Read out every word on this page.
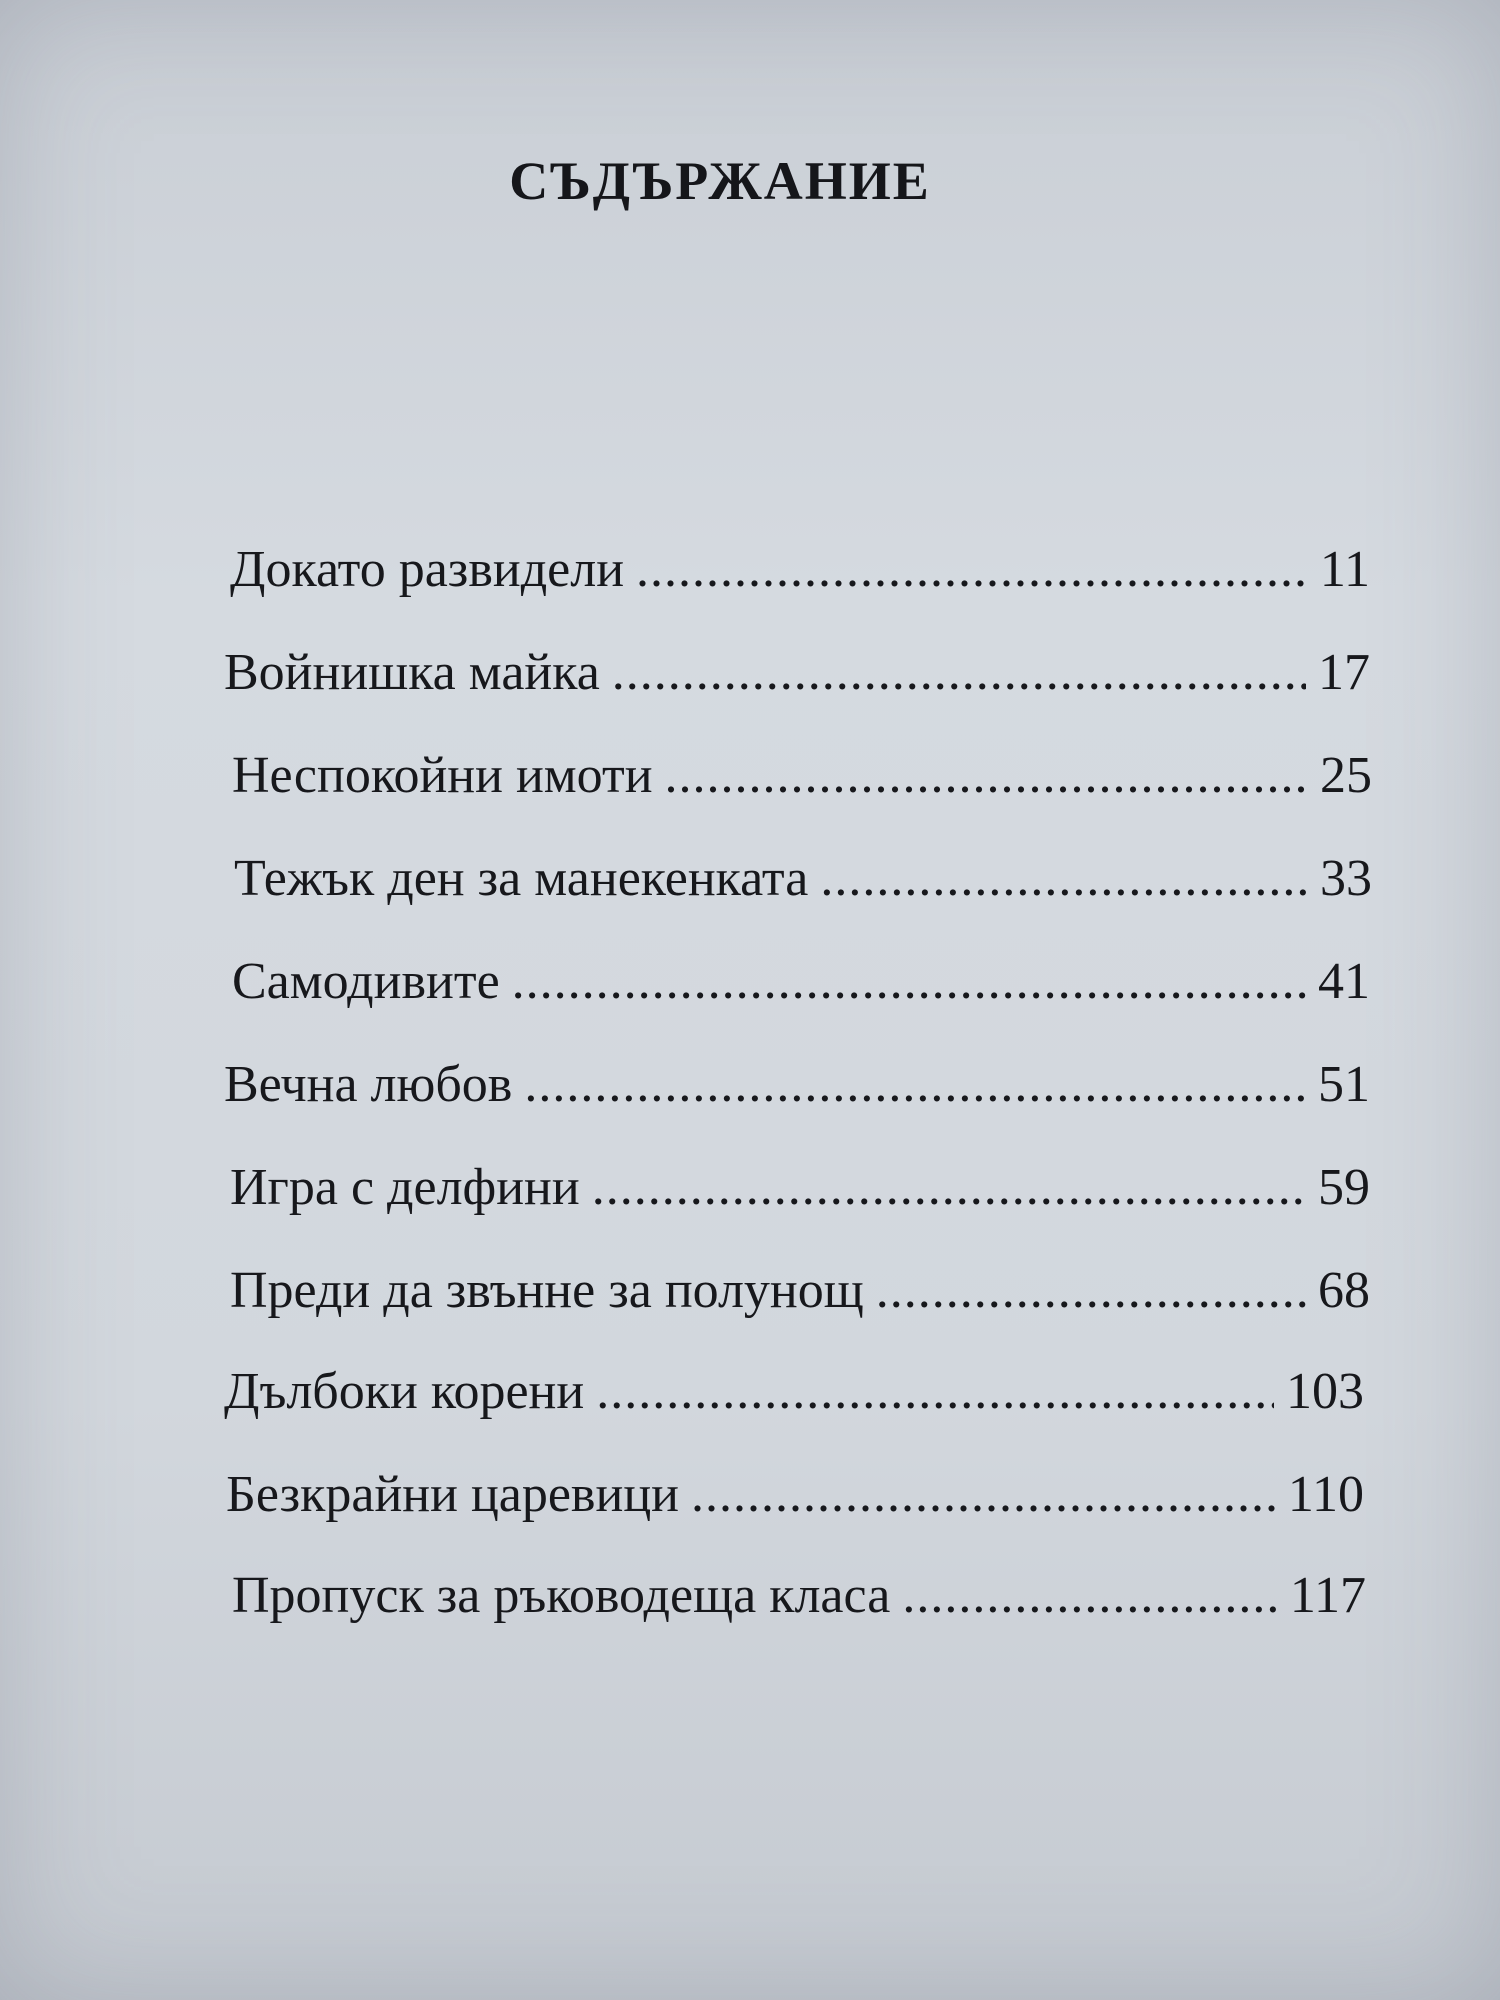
СЪДЪРЖАНИЕ
Докато развидели .....	11
Войнишка майка .....	17
Неспокойни имоти .....	25
Тежък ден за манекенката .....	33
Самодивите .....	41
Вечна любов .....	51
Игра с делфини .....	59
Преди да звънне за полунощ .....	68
Дълбоки корени .....	103
Безкрайни царевици .....	110
Пропуск за ръководеща класа .....	117
